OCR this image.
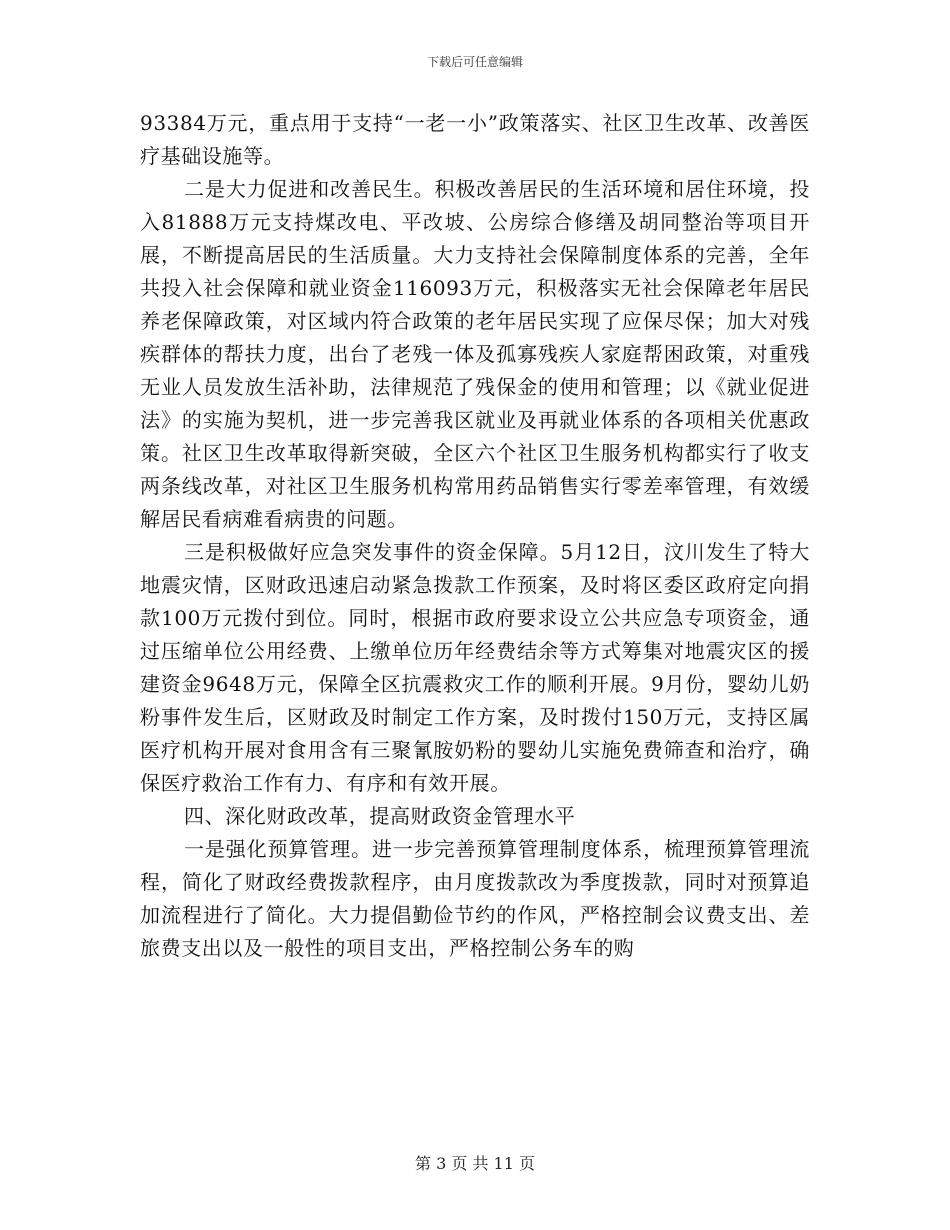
下载后可任意编辑

93384万元，重点用于支持“一老一小”政策落实、社区卫生改革、改善医疗基础设施等。

二是大力促进和改善民生。积极改善居民的生活环境和居住环境，投入81888万元支持煤改电、平改坡、公房综合修缮及胡同整治等项目开展，不断提高居民的生活质量。大力支持社会保障制度体系的完善，全年共投入社会保障和就业资金116093万元，积极落实无社会保障老年居民养老保障政策，对区域内符合政策的老年居民实现了应保尽保；加大对残疾群体的帮扶力度，出台了老残一体及孤寡残疾人家庭帮困政策，对重残无业人员发放生活补助，法律规范了残保金的使用和管理；以《就业促进法》的实施为契机，进一步完善我区就业及再就业体系的各项相关优惠政策。社区卫生改革取得新突破，全区六个社区卫生服务机构都实行了收支两条线改革，对社区卫生服务机构常用药品销售实行零差率管理，有效缓解居民看病难看病贵的问题。

三是积极做好应急突发事件的资金保障。5月12日，汶川发生了特大地震灾情，区财政迅速启动紧急拨款工作预案，及时将区委区政府定向捐款100万元拨付到位。同时，根据市政府要求设立公共应急专项资金，通过压缩单位公用经费、上缴单位历年经费结余等方式筹集对地震灾区的援建资金9648万元，保障全区抗震救灾工作的顺利开展。9月份，婴幼儿奶粉事件发生后，区财政及时制定工作方案，及时拨付150万元，支持区属医疗机构开展对食用含有三聚氰胺奶粉的婴幼儿实施免费筛查和治疗，确保医疗救治工作有力、有序和有效开展。

四、深化财政改革，提高财政资金管理水平

一是强化预算管理。进一步完善预算管理制度体系，梳理预算管理流程，简化了财政经费拨款程序，由月度拨款改为季度拨款，同时对预算追加流程进行了简化。大力提倡勤俭节约的作风，严格控制会议费支出、差旅费支出以及一般性的项目支出，严格控制公务车的购

第 3 页 共 11 页
